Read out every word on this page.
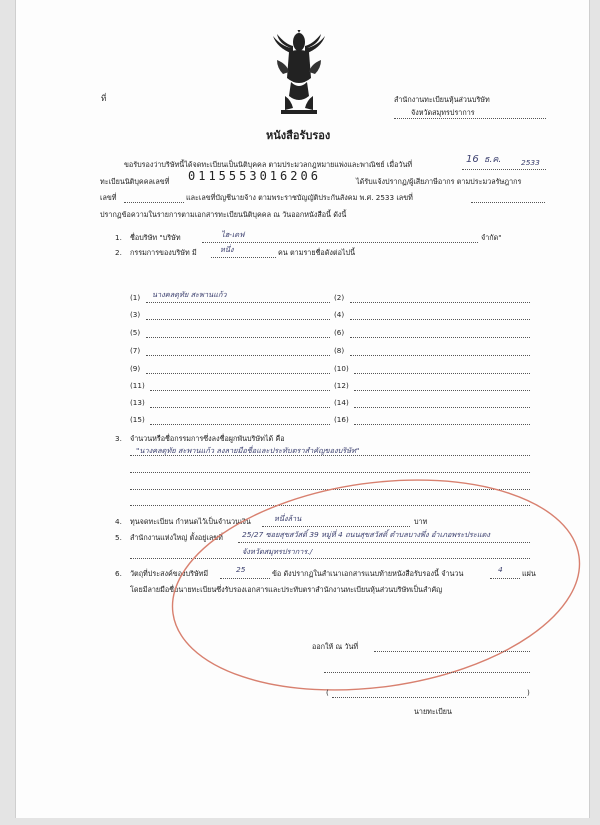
ที่	สำนักงานทะเบียนหุ้นส่วนบริษัท
จังหวัดสมุทรปราการ
หนังสือรับรอง
ขอรับรองว่าบริษัทนี้ได้จดทะเบียนเป็นนิติบุคคล ตามประมวลกฎหมายแพ่งและพาณิชย์ เมื่อวันที่	16 ธ.ค.	2533
ทะเบียนนิติบุคคลเลขที่ 0115553016206	ได้รับแจ้งปรากฏ/ผู้เสียภาษีอากร ตามประมวลรัษฎากร
เลขที่	และเลขที่บัญชีนายจ้าง ตามพระราชบัญญัติประกันสังคม พ.ศ. 2533 เลขที่
ปรากฏข้อความในรายการตามเอกสารทะเบียนนิติบุคคล ณ วันออกหนังสือนี้ ดังนี้
1. ชื่อบริษัท "บริษัท	ไฮ-เดฟ	จำกัด"
2. กรรมการของบริษัท มี	หนึ่ง	คน ตามรายชื่อดังต่อไปนี้
(1) นางคลดุทัย สะพานแก้ว	(2)
(3)	(4)
(5)	(6)
(7)	(8)
(9)	(10)
(11)	(12)
(13)	(14)
(15)	(16)
3. จำนวนหรือชื่อกรรมการซึ่งลงชื่อผูกพันบริษัทได้ คือ
"นางคลดุทัย สะพานแก้ว ลงลายมือชื่อและประทับตราสำคัญของบริษัท"
4. ทุนจดทะเบียน กำหนดไว้เป็นจำนวนเงิน	หนึ่งล้าน	บาท
5. สำนักงานแห่งใหญ่ ตั้งอยู่เลขที่	25/27 ซอยสุขสวัสดิ์ 39 หมู่ที่ 4 ถนนสุขสวัสดิ์ ตำบลบางพึ่ง อำเภอพระประแดง
จังหวัดสมุทรปราการ./
6. วัตถุที่ประสงค์ของบริษัทมี	25	ข้อ ดังปรากฏในสำเนาเอกสารแนบท้ายหนังสือรับรองนี้ จำนวน	4	แผ่น
โดยมีลายมือชื่อนายทะเบียนซึ่งรับรองเอกสารและประทับตราสำนักงานทะเบียนหุ้นส่วนบริษัทเป็นสำคัญ
ออกให้ ณ วันที่
(	)
นายทะเบียน
